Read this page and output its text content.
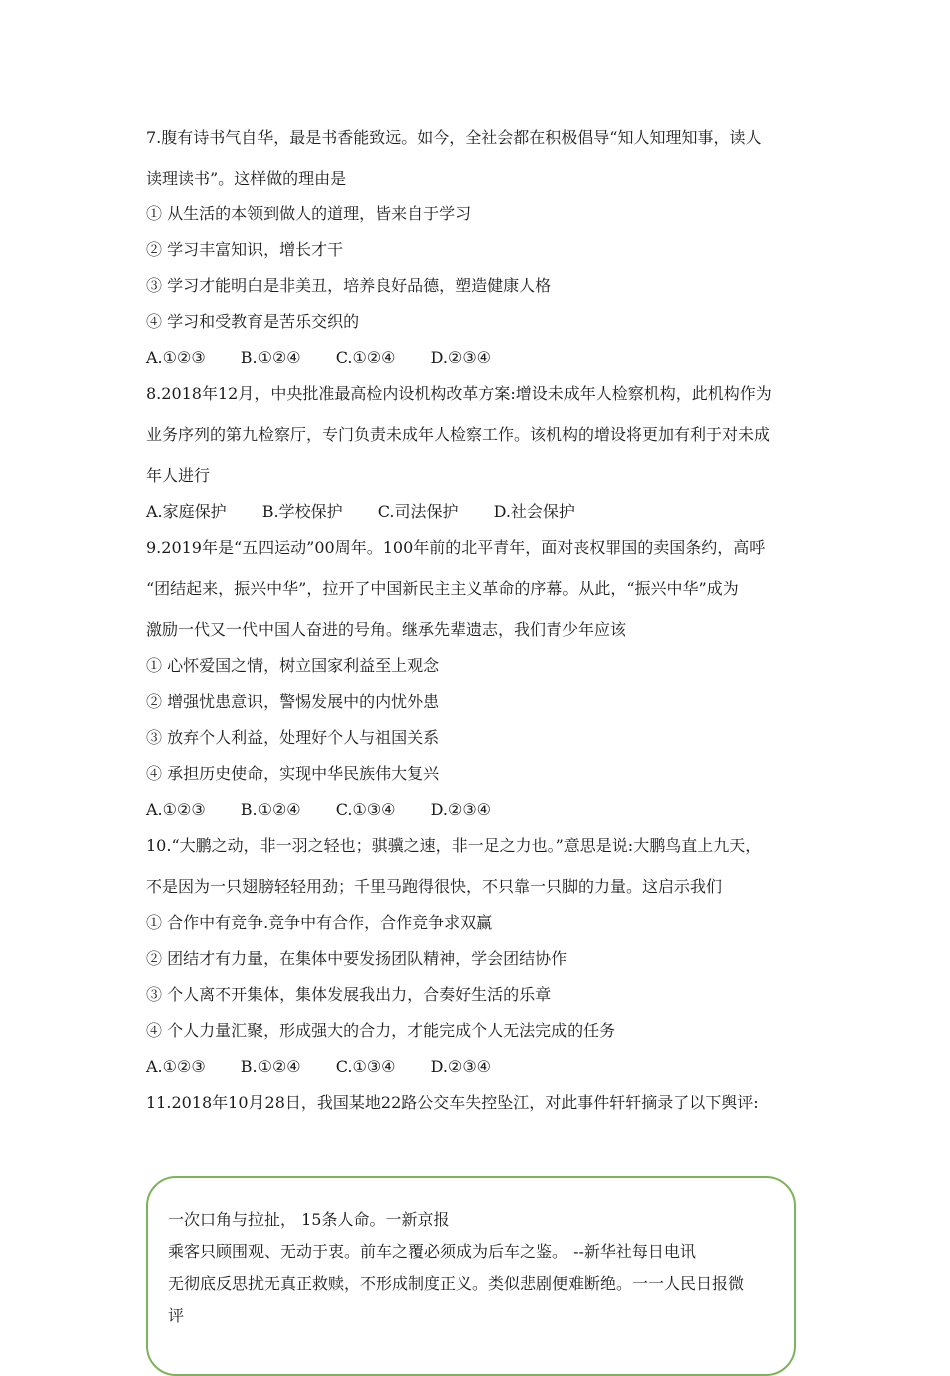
7.腹有诗书气自华，最是书香能致远。如今，全社会都在积极倡导“知人知理知事，读人
读理读书”。这样做的理由是
① 从生活的本领到做人的道理，皆来自于学习
② 学习丰富知识，增长才干
③ 学习才能明白是非美丑，培养良好品德，塑造健康人格
④ 学习和受教育是苦乐交织的
A.①②③ B.①②④ C.①②④ D.②③④
8.2018年12月，中央批准最高检内设机构改革方案:增设未成年人检察机构，此机构作为
业务序列的第九检察厅，专门负责未成年人检察工作。该机构的增设将更加有利于对未成
年人进行
A.家庭保护 B.学校保护 C.司法保护 D.社会保护
9.2019年是“五四运动”00周年。100年前的北平青年，面对丧权罪国的卖国条约，高呼
“团结起来，振兴中华”，拉开了中国新民主主义革命的序幕。从此，“振兴中华”成为
激励一代又一代中国人奋进的号角。继承先辈遗志，我们青少年应该
① 心怀爱国之情，树立国家利益至上观念
② 增强忧患意识，警惕发展中的内忧外患
③ 放弃个人利益，处理好个人与祖国关系
④ 承担历史使命，实现中华民族伟大复兴
A.①②③ B.①②④ C.①③④ D.②③④
10.“大鹏之动，非一羽之轻也；骐骥之速，非一足之力也。”意思是说:大鹏鸟直上九天，
不是因为一只翅膀轻轻用劲；千里马跑得很快，不只靠一只脚的力量。这启示我们
① 合作中有竞争.竞争中有合作，合作竞争求双赢
② 团结才有力量，在集体中要发扬团队精神，学会团结协作
③ 个人离不开集体，集体发展我出力，合奏好生活的乐章
④ 个人力量汇聚，形成强大的合力，才能完成个人无法完成的任务
A.①②③ B.①②④ C.①③④ D.②③④
11.2018年10月28日，我国某地22路公交车失控坠江，对此事件轩轩摘录了以下舆评:
一次口角与拉扯， 15条人命。一新京报
乘客只顾围观、无动于衷。前车之覆必须成为后车之鉴。 --新华社每日电讯
无彻底反思扰无真正救赎，不形成制度正义。类似悲剧便难断绝。一一人民日报微
评
